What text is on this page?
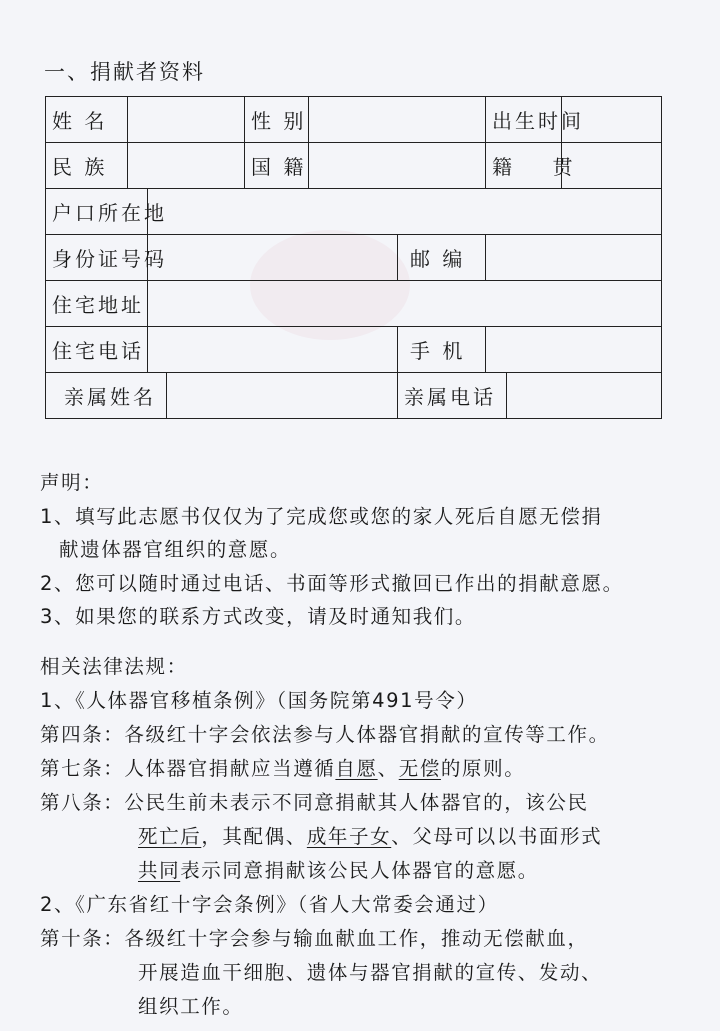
一、捐献者资料
姓 名				性 别			出生时间		
民 族				国 籍			籍    贯		
户口所在地									
身份证号码						邮 编			
住宅地址									
住宅电话						手 机			
亲属姓名						亲属电话			

声明：

1、填写此志愿书仅仅为了完成您或您的家人死后自愿无偿捐

献遗体器官组织的意愿。

2、您可以随时通过电话、书面等形式撤回已作出的捐献意愿。

3、如果您的联系方式改变，请及时通知我们。

相关法律法规：

1、《人体器官移植条例》（国务院第491号令）

第四条：各级红十字会依法参与人体器官捐献的宣传等工作。

第七条：人体器官捐献应当遵循自愿、无偿的原则。

第八条：公民生前未表示不同意捐献其人体器官的，该公民

死亡后，其配偶、成年子女、父母可以以书面形式

共同表示同意捐献该公民人体器官的意愿。

2、《广东省红十字会条例》（省人大常委会通过）

第十条：各级红十字会参与输血献血工作，推动无偿献血，

开展造血干细胞、遗体与器官捐献的宣传、发动、

组织工作。
